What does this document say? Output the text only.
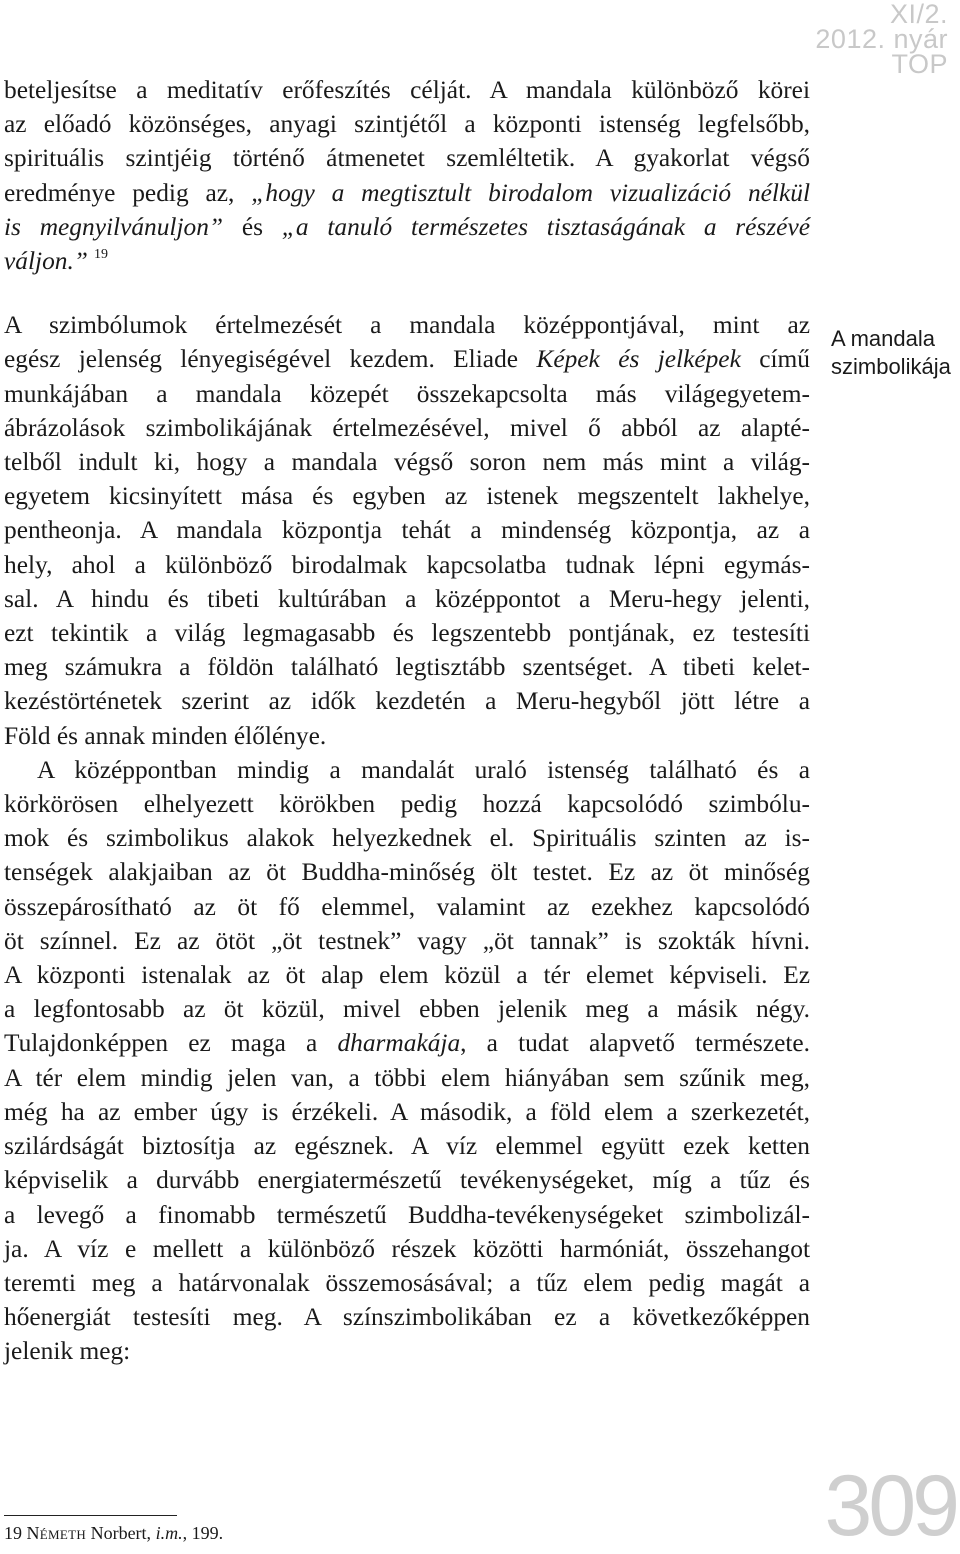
XI/2.
2012. nyár
TOP

beteljesítse a meditatív erőfeszítés célját. A mandala különböző körei
az előadó közönséges, anyagi szintjétől a központi istenség legfelsőbb,
spirituális szintjéig történő átmenetet szemléltetik. A gyakorlat végső
eredménye pedig az, „hogy a megtisztult birodalom vizualizáció nélkül
is megnyilvánuljon” és „a tanuló természetes tisztaságának a részévé
váljon.” $^{19}$

A szimbólumok értelmezését a mandala középpontjával, mint az
egész jelenség lényegiségével kezdem. Eliade Képek és jelképek című
munkájában a mandala közepét összekapcsolta más világegyetem-
ábrázolások szimbolikájának értelmezésével, mivel ő abból az alapté-
telből indult ki, hogy a mandala végső soron nem más mint a világ-
egyetem kicsinyített mása és egyben az istenek megszentelt lakhelye,
pentheonja. A mandala központja tehát a mindenség központja, az a
hely, ahol a különböző birodalmak kapcsolatba tudnak lépni egymás-
sal. A hindu és tibeti kultúrában a középpontot a Meru-hegy jelenti,
ezt tekintik a világ legmagasabb és legszentebb pontjának, ez testesíti
meg számukra a földön található legtisztább szentséget. A tibeti kelet-
kezéstörténetek szerint az idők kezdetén a Meru-hegyből jött létre a
Föld és annak minden élőlénye.

A középpontban mindig a mandalát uraló istenség található és a
körkörösen elhelyezett körökben pedig hozzá kapcsolódó szimbólu-
mok és szimbolikus alakok helyezkednek el. Spirituális szinten az is-
tenségek alakjaiban az öt Buddha-minőség ölt testet. Ez az öt minőség
összepárosítható az öt fő elemmel, valamint az ezekhez kapcsolódó
öt színnel. Ez az ötöt „öt testnek” vagy „öt tannak” is szokták hívni.
A központi istenalak az öt alap elem közül a tér elemet képviseli. Ez
a legfontosabb az öt közül, mivel ebben jelenik meg a másik négy.
Tulajdonképpen ez maga a dharmakája, a tudat alapvető természete.
A tér elem mindig jelen van, a többi elem hiányában sem szűnik meg,
még ha az ember úgy is érzékeli. A második, a föld elem a szerkezetét,
szilárdságát biztosítja az egésznek. A víz elemmel együtt ezek ketten
képviselik a durvább energiatermészetű tevékenységeket, míg a tűz és
a levegő a finomabb természetű Buddha-tevékenységeket szimbolizál-
ja. A víz e mellett a különböző részek közötti harmóniát, összehangot
teremti meg a határvonalak összemosásával; a tűz elem pedig magát a
hőenergiát testesíti meg. A színszimbolikában ez a következőképpen
jelenik meg:

A mandala
szimbolikája
19 Németh Norbert, i.m., 199.	309
